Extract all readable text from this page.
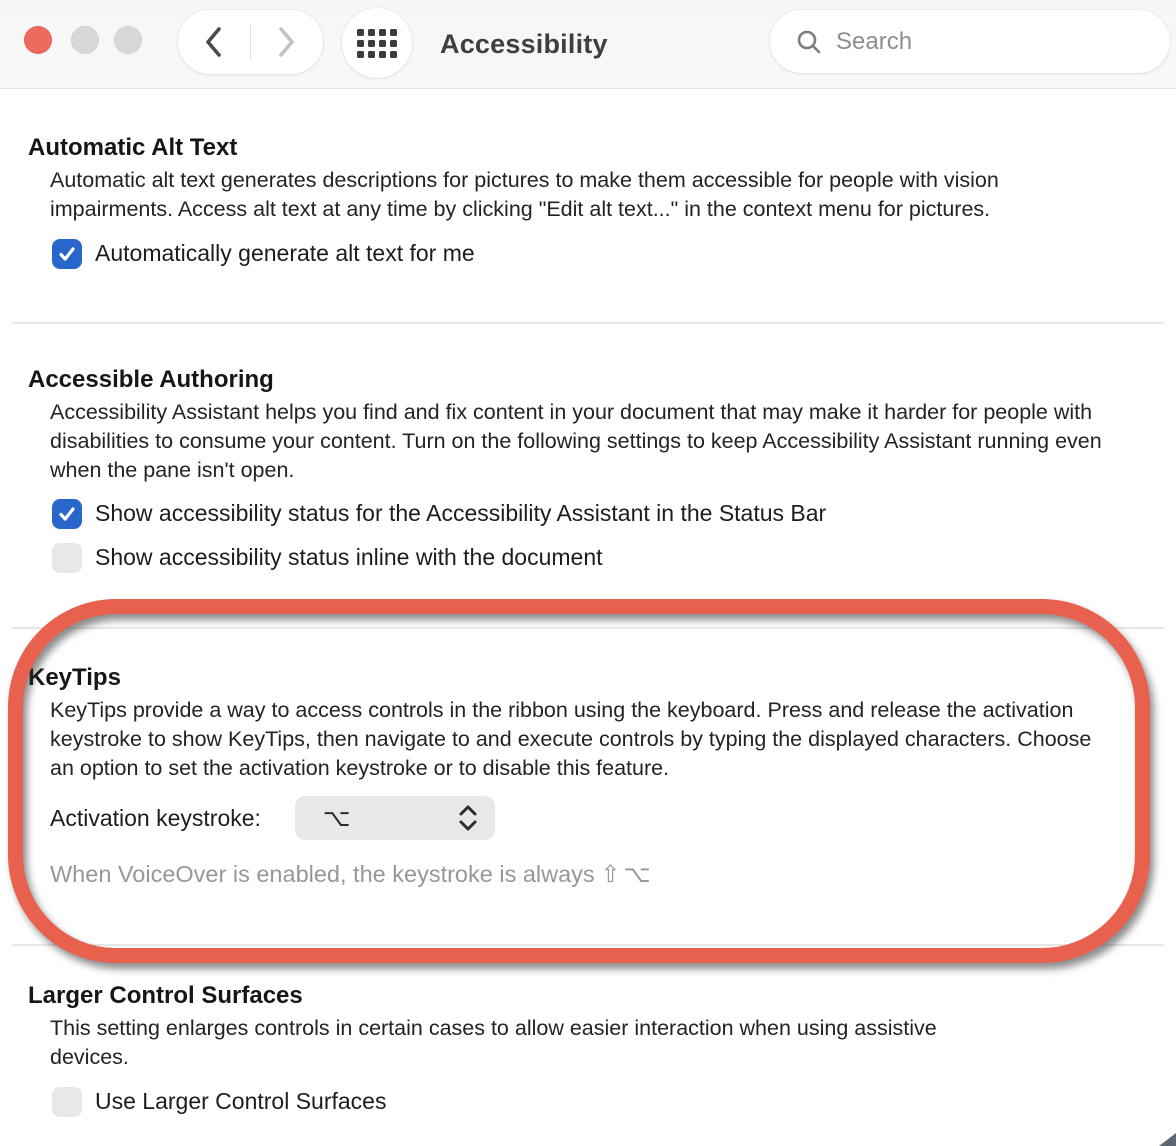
Accessibility
Search
Automatic Alt Text
Automatic alt text generates descriptions for pictures to make them accessible for people with vision impairments. Access alt text at any time by clicking "Edit alt text..." in the context menu for pictures.
Automatically generate alt text for me
Accessible Authoring
Accessibility Assistant helps you find and fix content in your document that may make it harder for people with disabilities to consume your content. Turn on the following settings to keep Accessibility Assistant running even when the pane isn't open.
Show accessibility status for the Accessibility Assistant in the Status Bar
Show accessibility status inline with the document
KeyTips
KeyTips provide a way to access controls in the ribbon using the keyboard. Press and release the activation keystroke to show KeyTips, then navigate to and execute controls by typing the displayed characters. Choose an option to set the activation keystroke or to disable this feature.
Activation keystroke:	⌥
When VoiceOver is enabled, the keystroke is always ⇧⌥
Larger Control Surfaces
This setting enlarges controls in certain cases to allow easier interaction when using assistive devices.
Use Larger Control Surfaces
